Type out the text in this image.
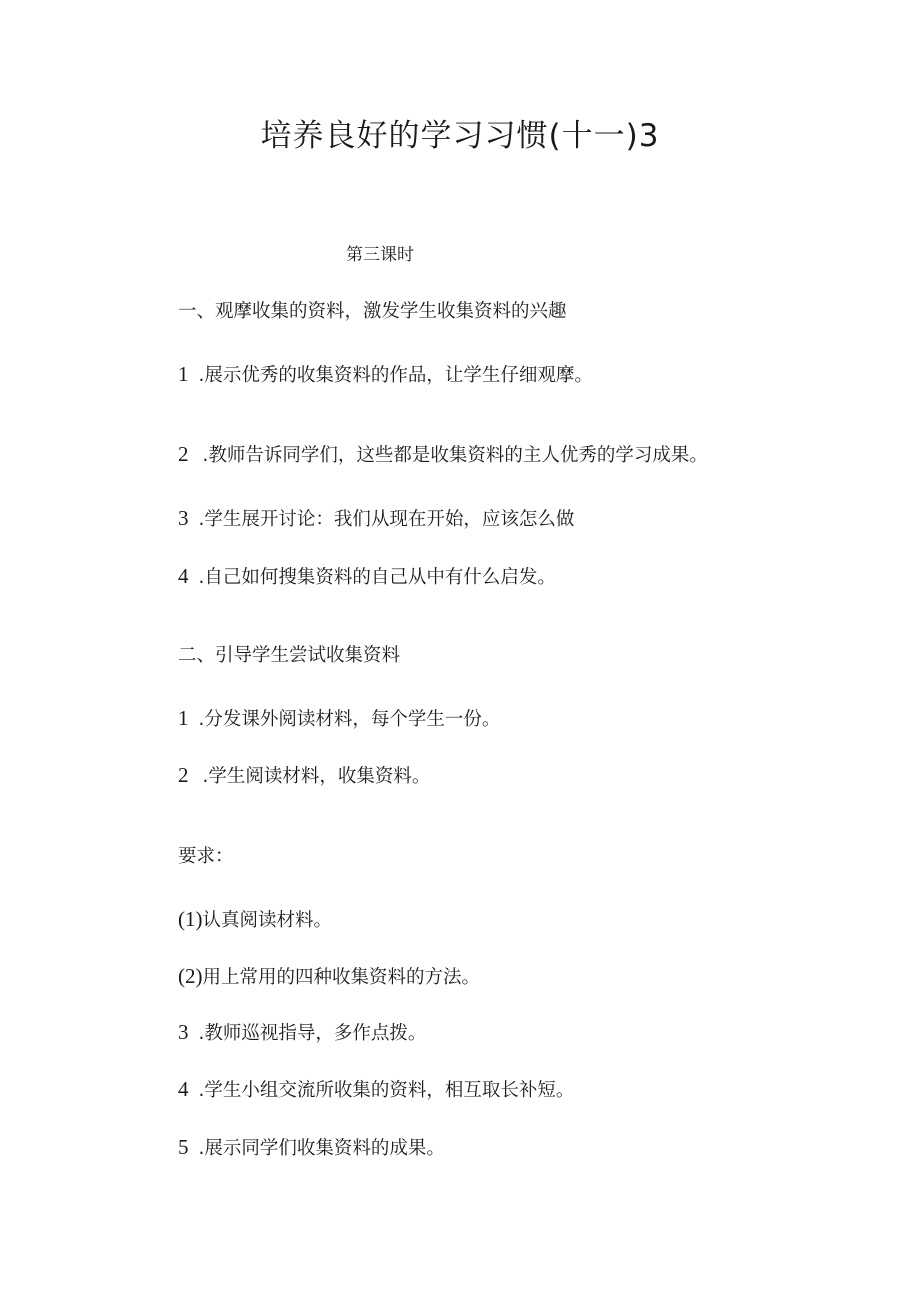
培养良好的学习习惯(十一)3

第三课时

一、观摩收集的资料，激发学生收集资料的兴趣

1 .展示优秀的收集资料的作品，让学生仔细观摩。

2 .教师告诉同学们，这些都是收集资料的主人优秀的学习成果。

3 .学生展开讨论：我们从现在开始，应该怎么做

4 .自己如何搜集资料的自己从中有什么启发。

二、引导学生尝试收集资料

1 .分发课外阅读材料，每个学生一份。

2 .学生阅读材料，收集资料。

要求：

(1)认真阅读材料。

(2)用上常用的四种收集资料的方法。

3 .教师巡视指导，多作点拨。

4 .学生小组交流所收集的资料，相互取长补短。

5 .展示同学们收集资料的成果。
